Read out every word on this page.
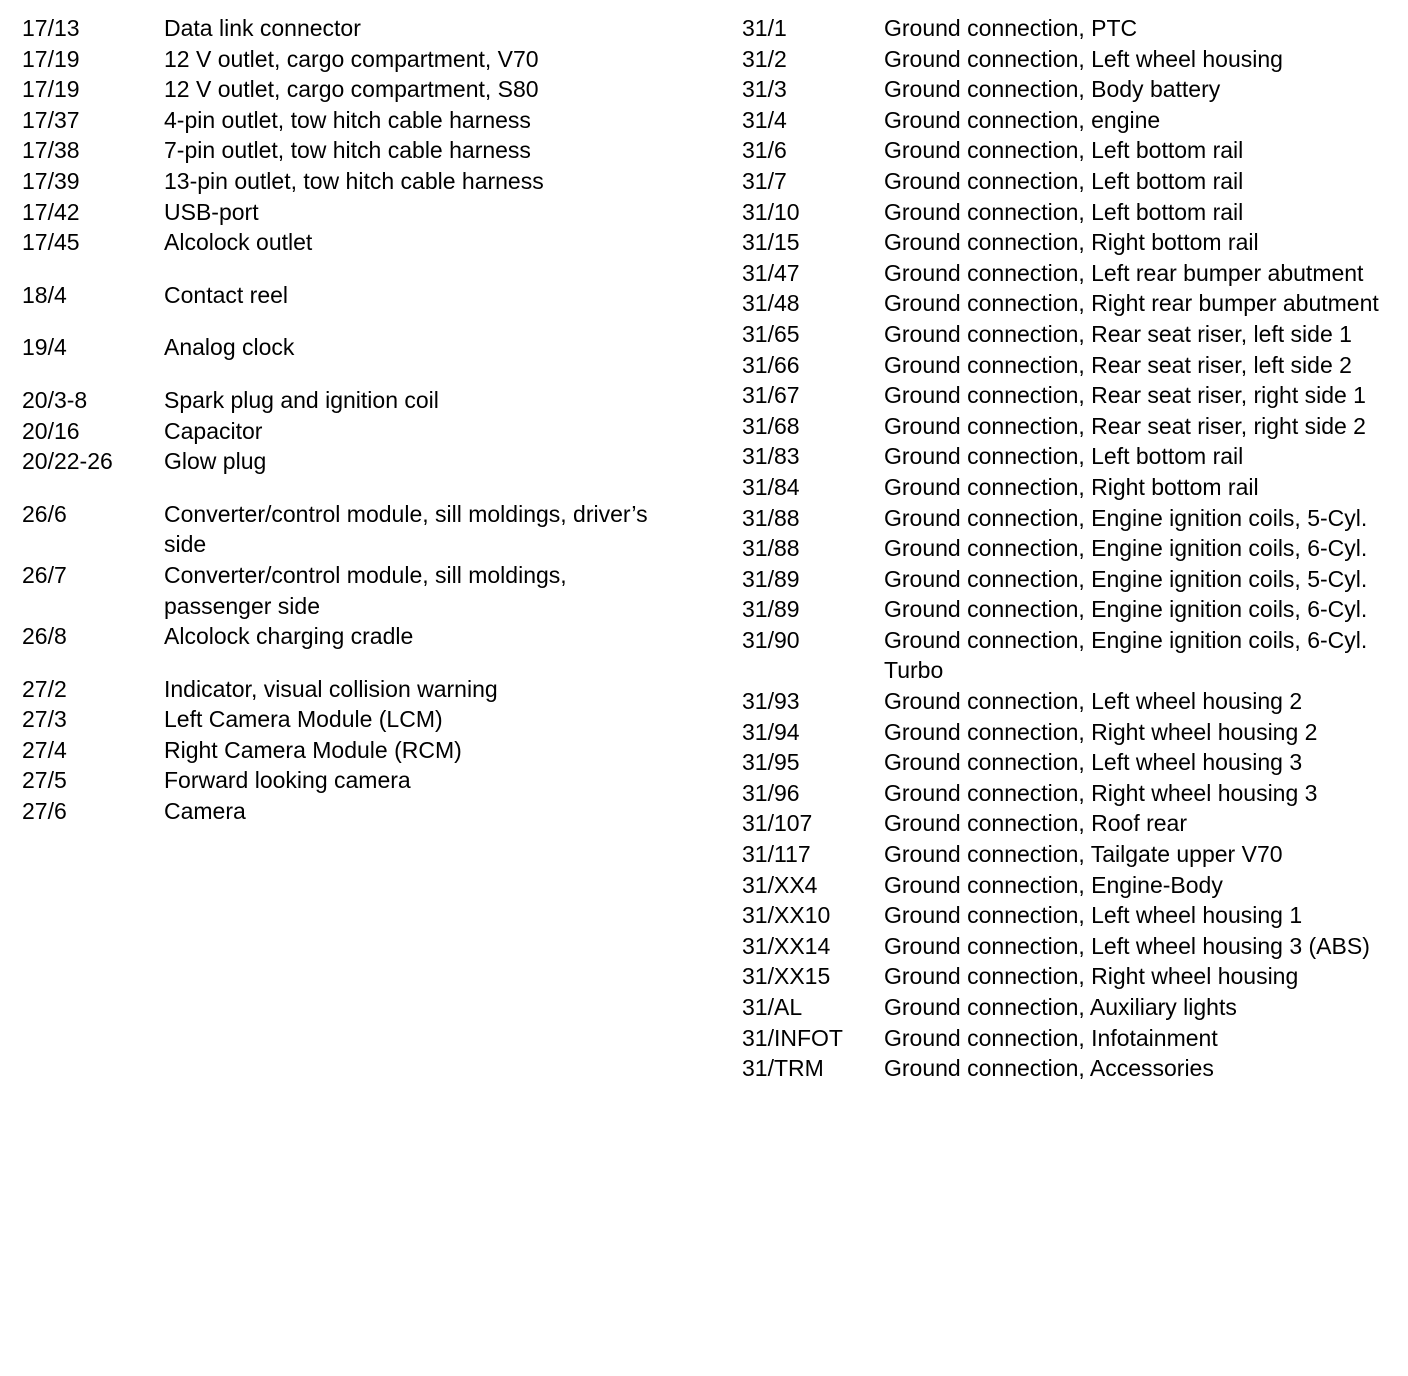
17/13	Data link connector
17/19	12 V outlet, cargo compartment, V70
17/19	12 V outlet, cargo compartment, S80
17/37	4-pin outlet, tow hitch cable harness
17/38	7-pin outlet, tow hitch cable harness
17/39	13-pin outlet, tow hitch cable harness
17/42	USB-port
17/45	Alcolock outlet
18/4	Contact reel
19/4	Analog clock
20/3-8	Spark plug and ignition coil
20/16	Capacitor
20/22-26	Glow plug
26/6	Converter/control module, sill moldings, driver’s side
26/7	Converter/control module, sill moldings, passenger side
26/8	Alcolock charging cradle
27/2	Indicator, visual collision warning
27/3	Left Camera Module (LCM)
27/4	Right Camera Module (RCM)
27/5	Forward looking camera
27/6	Camera
31/1	Ground connection, PTC
31/2	Ground connection, Left wheel housing
31/3	Ground connection, Body battery
31/4	Ground connection, engine
31/6	Ground connection, Left bottom rail
31/7	Ground connection, Left bottom rail
31/10	Ground connection, Left bottom rail
31/15	Ground connection, Right bottom rail
31/47	Ground connection, Left rear bumper abutment
31/48	Ground connection, Right rear bumper abutment
31/65	Ground connection, Rear seat riser, left side 1
31/66	Ground connection, Rear seat riser, left side 2
31/67	Ground connection, Rear seat riser, right side 1
31/68	Ground connection, Rear seat riser, right side 2
31/83	Ground connection, Left bottom rail
31/84	Ground connection, Right bottom rail
31/88	Ground connection, Engine ignition coils, 5-Cyl.
31/88	Ground connection, Engine ignition coils, 6-Cyl.
31/89	Ground connection, Engine ignition coils, 5-Cyl.
31/89	Ground connection, Engine ignition coils, 6-Cyl.
31/90	Ground connection, Engine ignition coils, 6-Cyl. Turbo
31/93	Ground connection, Left wheel housing 2
31/94	Ground connection, Right wheel housing 2
31/95	Ground connection, Left wheel housing 3
31/96	Ground connection, Right wheel housing 3
31/107	Ground connection, Roof rear
31/117	Ground connection, Tailgate upper V70
31/XX4	Ground connection, Engine-Body
31/XX10	Ground connection, Left wheel housing 1
31/XX14	Ground connection, Left wheel housing 3 (ABS)
31/XX15	Ground connection, Right wheel housing
31/AL	Ground connection, Auxiliary lights
31/INFOT	Ground connection, Infotainment
31/TRM	Ground connection, Accessories
